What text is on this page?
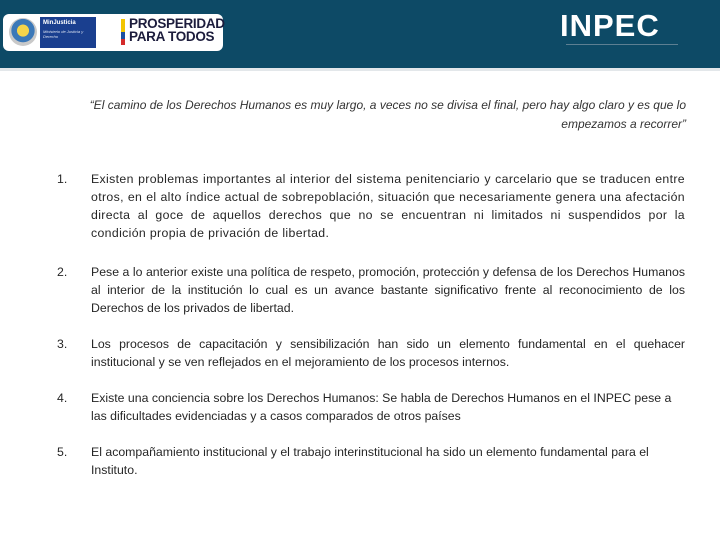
MinJusticia
Ministerio de Justicia y Derecho
PROSPERIDAD
PARA TODOS	INPEC
“El camino de los Derechos Humanos es muy largo, a veces no se divisa el final, pero hay algo claro y es que lo empezamos a recorrer”
1.	Existen problemas importantes al interior del sistema penitenciario y carcelario que se traducen entre otros, en el alto índice actual de sobrepoblación, situación que necesariamente genera una afectación directa al goce de aquellos derechos que no se encuentran ni limitados ni suspendidos por la condición propia de privación de libertad.
2.	Pese a lo anterior existe una política de respeto, promoción, protección y defensa de los Derechos Humanos al interior de la institución lo cual es un avance bastante significativo frente al reconocimiento de los Derechos de los privados de libertad.
3.	Los procesos de capacitación y sensibilización han sido un elemento fundamental en el quehacer institucional y se ven reflejados en el mejoramiento de los procesos internos.
4.	Existe una conciencia sobre los Derechos Humanos: Se habla de Derechos Humanos en el INPEC pese a las dificultades evidenciadas y a casos comparados de otros países
5.	El acompañamiento institucional y el trabajo interinstitucional ha sido un elemento fundamental para el Instituto.
